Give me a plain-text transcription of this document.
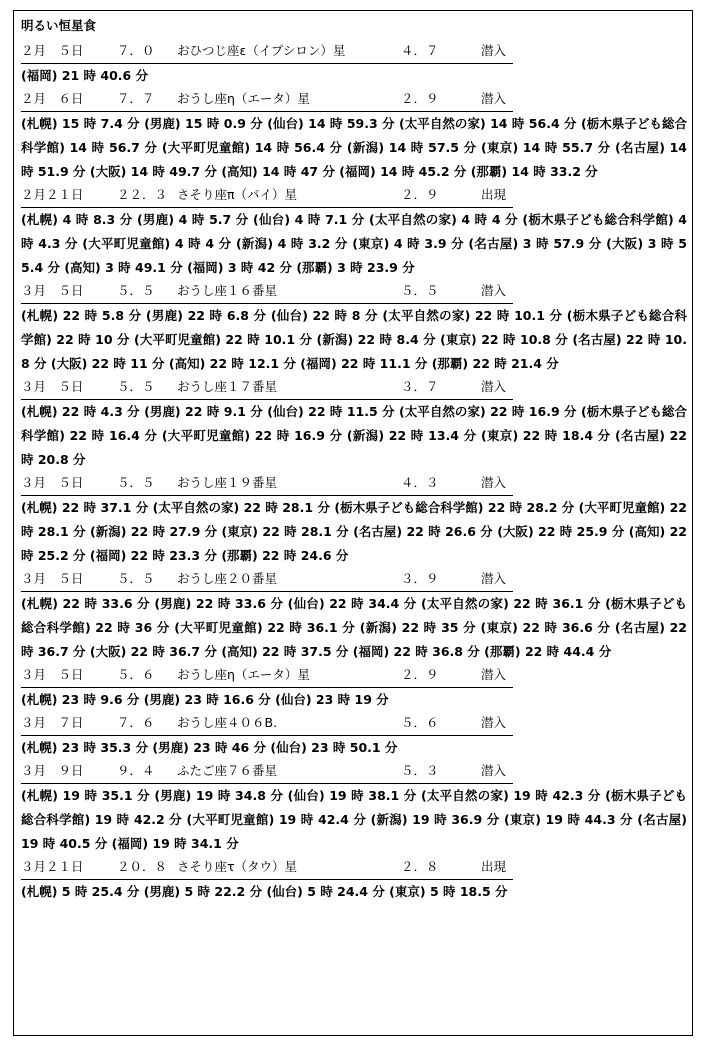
明るい恒星食
２月　５日	７．０ おひつじ座ε（イプシロン）星	４．７	潜入
(福岡) 21 時 40.6 分
２月　６日	７．７ おうし座η（エータ）星	２．９	潜入
(札幌) 15 時 7.4 分 (男鹿) 15 時 0.9 分 (仙台) 14 時 59.3 分 (太平自然の家) 14 時 56.4 分 (栃木県子ども総合科学館) 14 時 56.7 分 (大平町児童館) 14 時 56.4 分 (新潟) 14 時 57.5 分 (東京) 14 時 55.7 分 (名古屋) 14 時 51.9 分 (大阪) 14 時 49.7 分 (高知) 14 時 47 分 (福岡) 14 時 45.2 分 (那覇) 14 時 33.2 分
２月２１日	２２．３ さそり座π（パイ）星	２．９	出現
(札幌) 4 時 8.3 分 (男鹿) 4 時 5.7 分 (仙台) 4 時 7.1 分 (太平自然の家) 4 時 4 分 (栃木県子ども総合科学館) 4 時 4.3 分 (大平町児童館) 4 時 4 分 (新潟) 4 時 3.2 分 (東京) 4 時 3.9 分 (名古屋) 3 時 57.9 分 (大阪) 3 時 55.4 分 (高知) 3 時 49.1 分 (福岡) 3 時 42 分 (那覇) 3 時 23.9 分
３月　５日	５．５ おうし座１６番星	５．５	潜入
(札幌) 22 時 5.8 分 (男鹿) 22 時 6.8 分 (仙台) 22 時 8 分 (太平自然の家) 22 時 10.1 分 (栃木県子ども総合科学館) 22 時 10 分 (大平町児童館) 22 時 10.1 分 (新潟) 22 時 8.4 分 (東京) 22 時 10.8 分 (名古屋) 22 時 10.8 分 (大阪) 22 時 11 分 (高知) 22 時 12.1 分 (福岡) 22 時 11.1 分 (那覇) 22 時 21.4 分
３月　５日	５．５ おうし座１７番星	３．７	潜入
(札幌) 22 時 4.3 分 (男鹿) 22 時 9.1 分 (仙台) 22 時 11.5 分 (太平自然の家) 22 時 16.9 分 (栃木県子ども総合科学館) 22 時 16.4 分 (大平町児童館) 22 時 16.9 分 (新潟) 22 時 13.4 分 (東京) 22 時 18.4 分 (名古屋) 22 時 20.8 分
３月　５日	５．５ おうし座１９番星	４．３	潜入
(札幌) 22 時 37.1 分 (太平自然の家) 22 時 28.1 分 (栃木県子ども総合科学館) 22 時 28.2 分 (大平町児童館) 22 時 28.1 分 (新潟) 22 時 27.9 分 (東京) 22 時 28.1 分 (名古屋) 22 時 26.6 分 (大阪) 22 時 25.9 分 (高知) 22 時 25.2 分 (福岡) 22 時 23.3 分 (那覇) 22 時 24.6 分
３月　５日	５．５ おうし座２０番星	３．９	潜入
(札幌) 22 時 33.6 分 (男鹿) 22 時 33.6 分 (仙台) 22 時 34.4 分 (太平自然の家) 22 時 36.1 分 (栃木県子ども総合科学館) 22 時 36 分 (大平町児童館) 22 時 36.1 分 (新潟) 22 時 35 分 (東京) 22 時 36.6 分 (名古屋) 22 時 36.7 分 (大阪) 22 時 36.7 分 (高知) 22 時 37.5 分 (福岡) 22 時 36.8 分 (那覇) 22 時 44.4 分
３月　５日	５．６ おうし座η（エータ）星	２．９	潜入
(札幌) 23 時 9.6 分 (男鹿) 23 時 16.6 分 (仙台) 23 時 19 分
３月　７日	７．６ おうし座４０６B.	５．６	潜入
(札幌) 23 時 35.3 分 (男鹿) 23 時 46 分 (仙台) 23 時 50.1 分
３月　９日	９．４ ふたご座７６番星	５．３	潜入
(札幌) 19 時 35.1 分 (男鹿) 19 時 34.8 分 (仙台) 19 時 38.1 分 (太平自然の家) 19 時 42.3 分 (栃木県子ども総合科学館) 19 時 42.2 分 (大平町児童館) 19 時 42.4 分 (新潟) 19 時 36.9 分 (東京) 19 時 44.3 分 (名古屋) 19 時 40.5 分 (福岡) 19 時 34.1 分
３月２１日	２０．８ さそり座τ（タウ）星	２．８	出現
(札幌) 5 時 25.4 分 (男鹿) 5 時 22.2 分 (仙台) 5 時 24.4 分 (東京) 5 時 18.5 分
